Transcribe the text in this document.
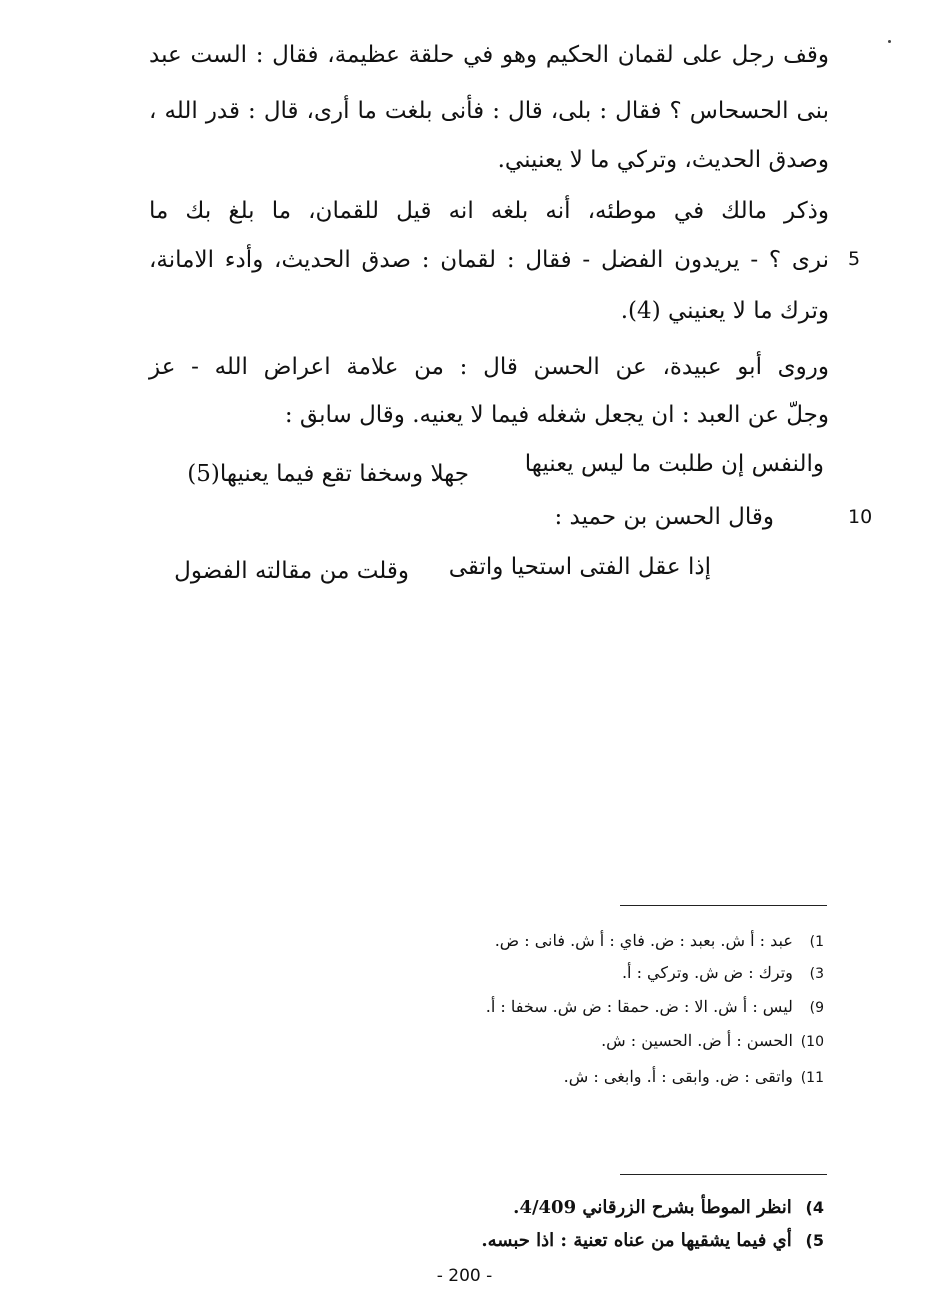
وقف رجل على لقمان الحكيم وهو في حلقة عظيمة، فقال : الست عبد
بنى الحسحاس ؟ فقال : بلى، قال : فأنى بلغت ما أرى، قال : قدر الله ،
وصدق الحديث، وتركي ما لا يعنيني.
وذكر مالك في موطئه، أنه بلغه انه قيل للقمان، ما بلغ بك ما
نرى ؟ - يريدون الفضل - فقال : لقمان : صدق الحديث، وأدء الامانة،
وترك ما لا يعنيني (4).
وروى أبو عبيدة، عن الحسن قال : من علامة اعراض الله - عز
وجلّ عن العبد : ان يجعل شغله فيما لا يعنيه. وقال سابق :
والنفس إن طلبت ما ليس يعنيها
جهلا وسخفا تقع فيما يعنيها(5)
وقال الحسن بن حميد :
إذا عقل الفتى استحيا واتقى
وقلت من مقالته الفضول
5
10
1) عبد : أ ش. بعبد : ض. فاي : أ ش. فانى : ض.
3) وترك : ض ش. وتركي : أ.
9) ليس : أ ش. الا : ض. حمقا : ض ش. سخفا : أ.
10) الحسن : أ ض. الحسين : ش.
11) واتقى : ض. وابقى : أ. وابغى : ش.
4) انظر الموطأ بشرح الزرقاني 4/409.
5) أي فيما يشقيها من عناه تعنية : اذا حبسه.
- 200 -
